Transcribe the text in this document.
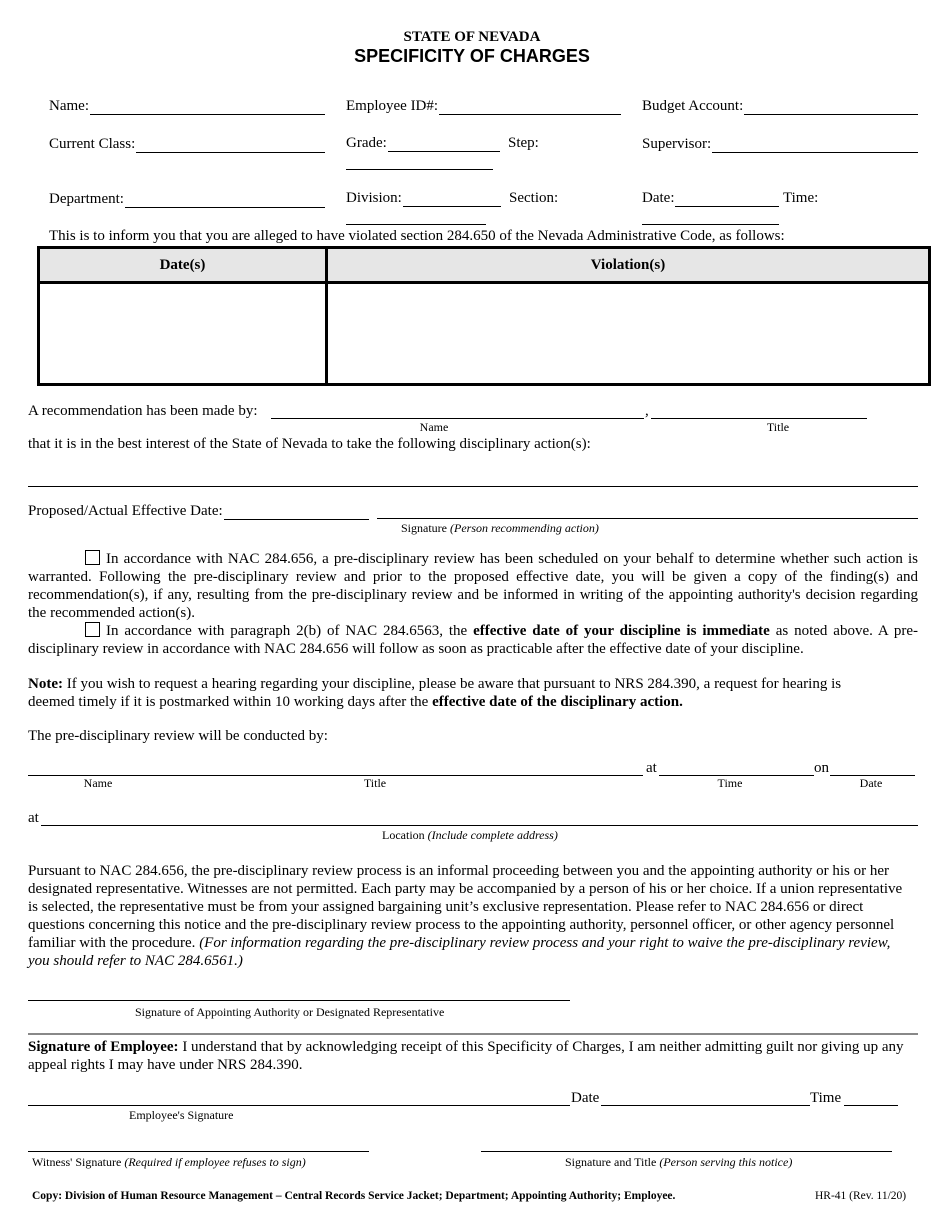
STATE OF NEVADA
SPECIFICITY OF CHARGES
Name:	Employee ID#:	Budget Account:
Current Class:	Grade:	Step:	Supervisor:
Department:	Division:	Section:	Date:	Time:
This is to inform you that you are alleged to have violated section 284.650 of the Nevada Administrative Code, as follows:
Date(s)	Violation(s)

A recommendation has been made by:	,
Name	Title
that it is in the best interest of the State of Nevada to take the following disciplinary action(s):
Proposed/Actual Effective Date:
Signature (Person recommending action)
In accordance with NAC 284.656, a pre-disciplinary review has been scheduled on your behalf to determine whether such action is warranted. Following the pre-disciplinary review and prior to the proposed effective date, you will be given a copy of the finding(s) and recommendation(s), if any, resulting from the pre-disciplinary review and be informed in writing of the appointing authority's decision regarding the recommended action(s).
In accordance with paragraph 2(b) of NAC 284.6563, the effective date of your discipline is immediate as noted above. A pre-disciplinary review in accordance with NAC 284.656 will follow as soon as practicable after the effective date of your discipline.
Note: If you wish to request a hearing regarding your discipline, please be aware that pursuant to NRS 284.390, a request for hearing is deemed timely if it is postmarked within 10 working days after the effective date of the disciplinary action.
The pre-disciplinary review will be conducted by:
at	on
Name	Title	Time	Date
at
Location (Include complete address)
Pursuant to NAC 284.656, the pre-disciplinary review process is an informal proceeding between you and the appointing authority or his or her designated representative. Witnesses are not permitted. Each party may be accompanied by a person of his or her choice. If a union representative is selected, the representative must be from your assigned bargaining unit’s exclusive representation. Please refer to NAC 284.656 or direct questions concerning this notice and the pre-disciplinary review process to the appointing authority, personnel officer, or other agency personnel familiar with the procedure. (For information regarding the pre-disciplinary review process and your right to waive the pre-disciplinary review, you should refer to NAC 284.6561.)
Signature of Appointing Authority or Designated Representative
Signature of Employee: I understand that by acknowledging receipt of this Specificity of Charges, I am neither admitting guilt nor giving up any appeal rights I may have under NRS 284.390.
Date	Time
Employee's Signature
Witness' Signature (Required if employee refuses to sign)	Signature and Title (Person serving this notice)
Copy: Division of Human Resource Management – Central Records Service Jacket; Department; Appointing Authority; Employee.	HR-41 (Rev. 11/20)
